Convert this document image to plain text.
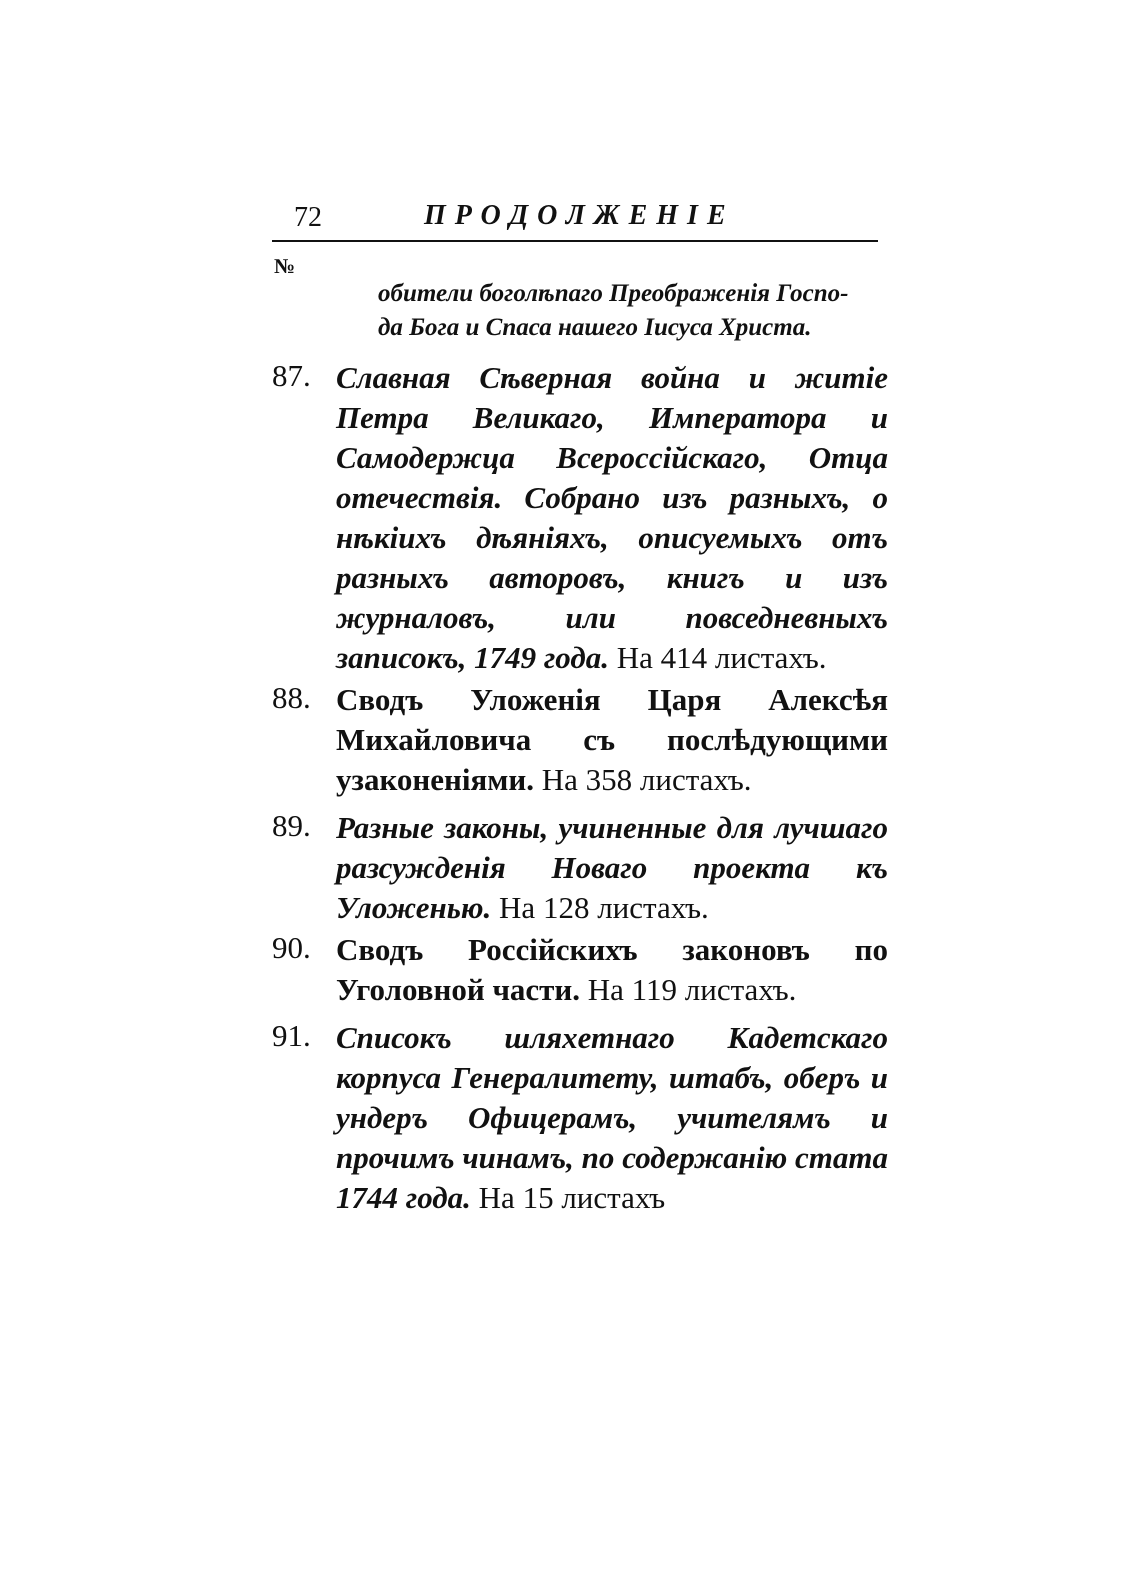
72	ПРОДОЛЖЕНІЕ
№
обители боголѣпаго Преображенія Госпо-
да Бога и Спаса нашего Іисуса Христа.
87. Славная Сѣверная война и житіе Петра Великаго, Императора и Самодержца Всероссійскаго, Отца отечествія. Собрано изъ разныхъ, о нѣкіихъ дѣяніяхъ, описуемыхъ отъ разныхъ авторовъ, книгъ и изъ журналовъ, или повседневныхъ записокъ, 1749 года. На 414 листахъ.

88. Сводъ Уложенія Царя Алексѣя Михайловича съ послѣдующими узаконеніями. На 358 листахъ.

89. Разные законы, учиненные для лучшаго разсужденія Новаго проекта къ Уложенью. На 128 листахъ.

90. Сводъ Россійскихъ законовъ по Уголовной части. На 119 листахъ.

91. Списокъ шляхетнаго Кадетскаго корпуса Генералитету, штабъ, оберъ и ундеръ Офицерамъ, учителямъ и прочимъ чинамъ, по содержанію стата 1744 года. На 15 листахъ
